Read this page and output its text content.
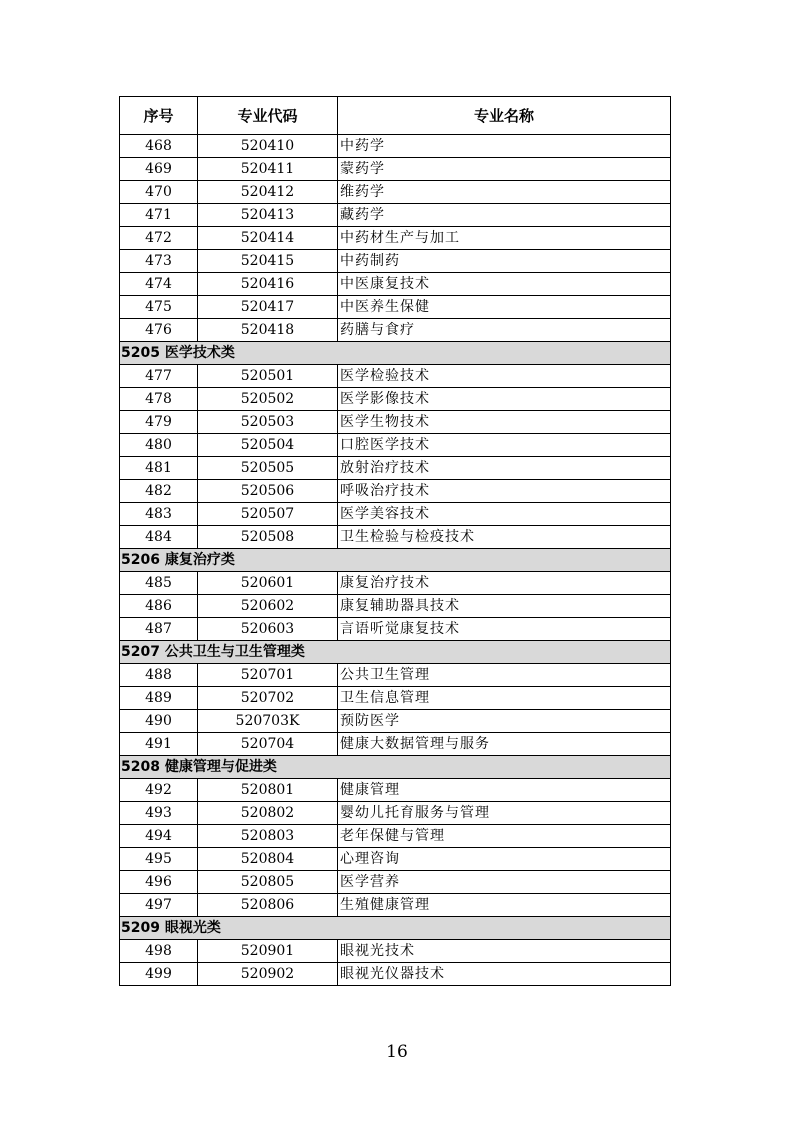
序号	专业代码	专业名称
468	520410	中药学
469	520411	蒙药学
470	520412	维药学
471	520413	藏药学
472	520414	中药材生产与加工
473	520415	中药制药
474	520416	中医康复技术
475	520417	中医养生保健
476	520418	药膳与食疗
5205 医学技术类		
477	520501	医学检验技术
478	520502	医学影像技术
479	520503	医学生物技术
480	520504	口腔医学技术
481	520505	放射治疗技术
482	520506	呼吸治疗技术
483	520507	医学美容技术
484	520508	卫生检验与检疫技术
5206 康复治疗类		
485	520601	康复治疗技术
486	520602	康复辅助器具技术
487	520603	言语听觉康复技术
5207 公共卫生与卫生管理类		
488	520701	公共卫生管理
489	520702	卫生信息管理
490	520703K	预防医学
491	520704	健康大数据管理与服务
5208 健康管理与促进类		
492	520801	健康管理
493	520802	婴幼儿托育服务与管理
494	520803	老年保健与管理
495	520804	心理咨询
496	520805	医学营养
497	520806	生殖健康管理
5209 眼视光类		
498	520901	眼视光技术
499	520902	眼视光仪器技术
16
